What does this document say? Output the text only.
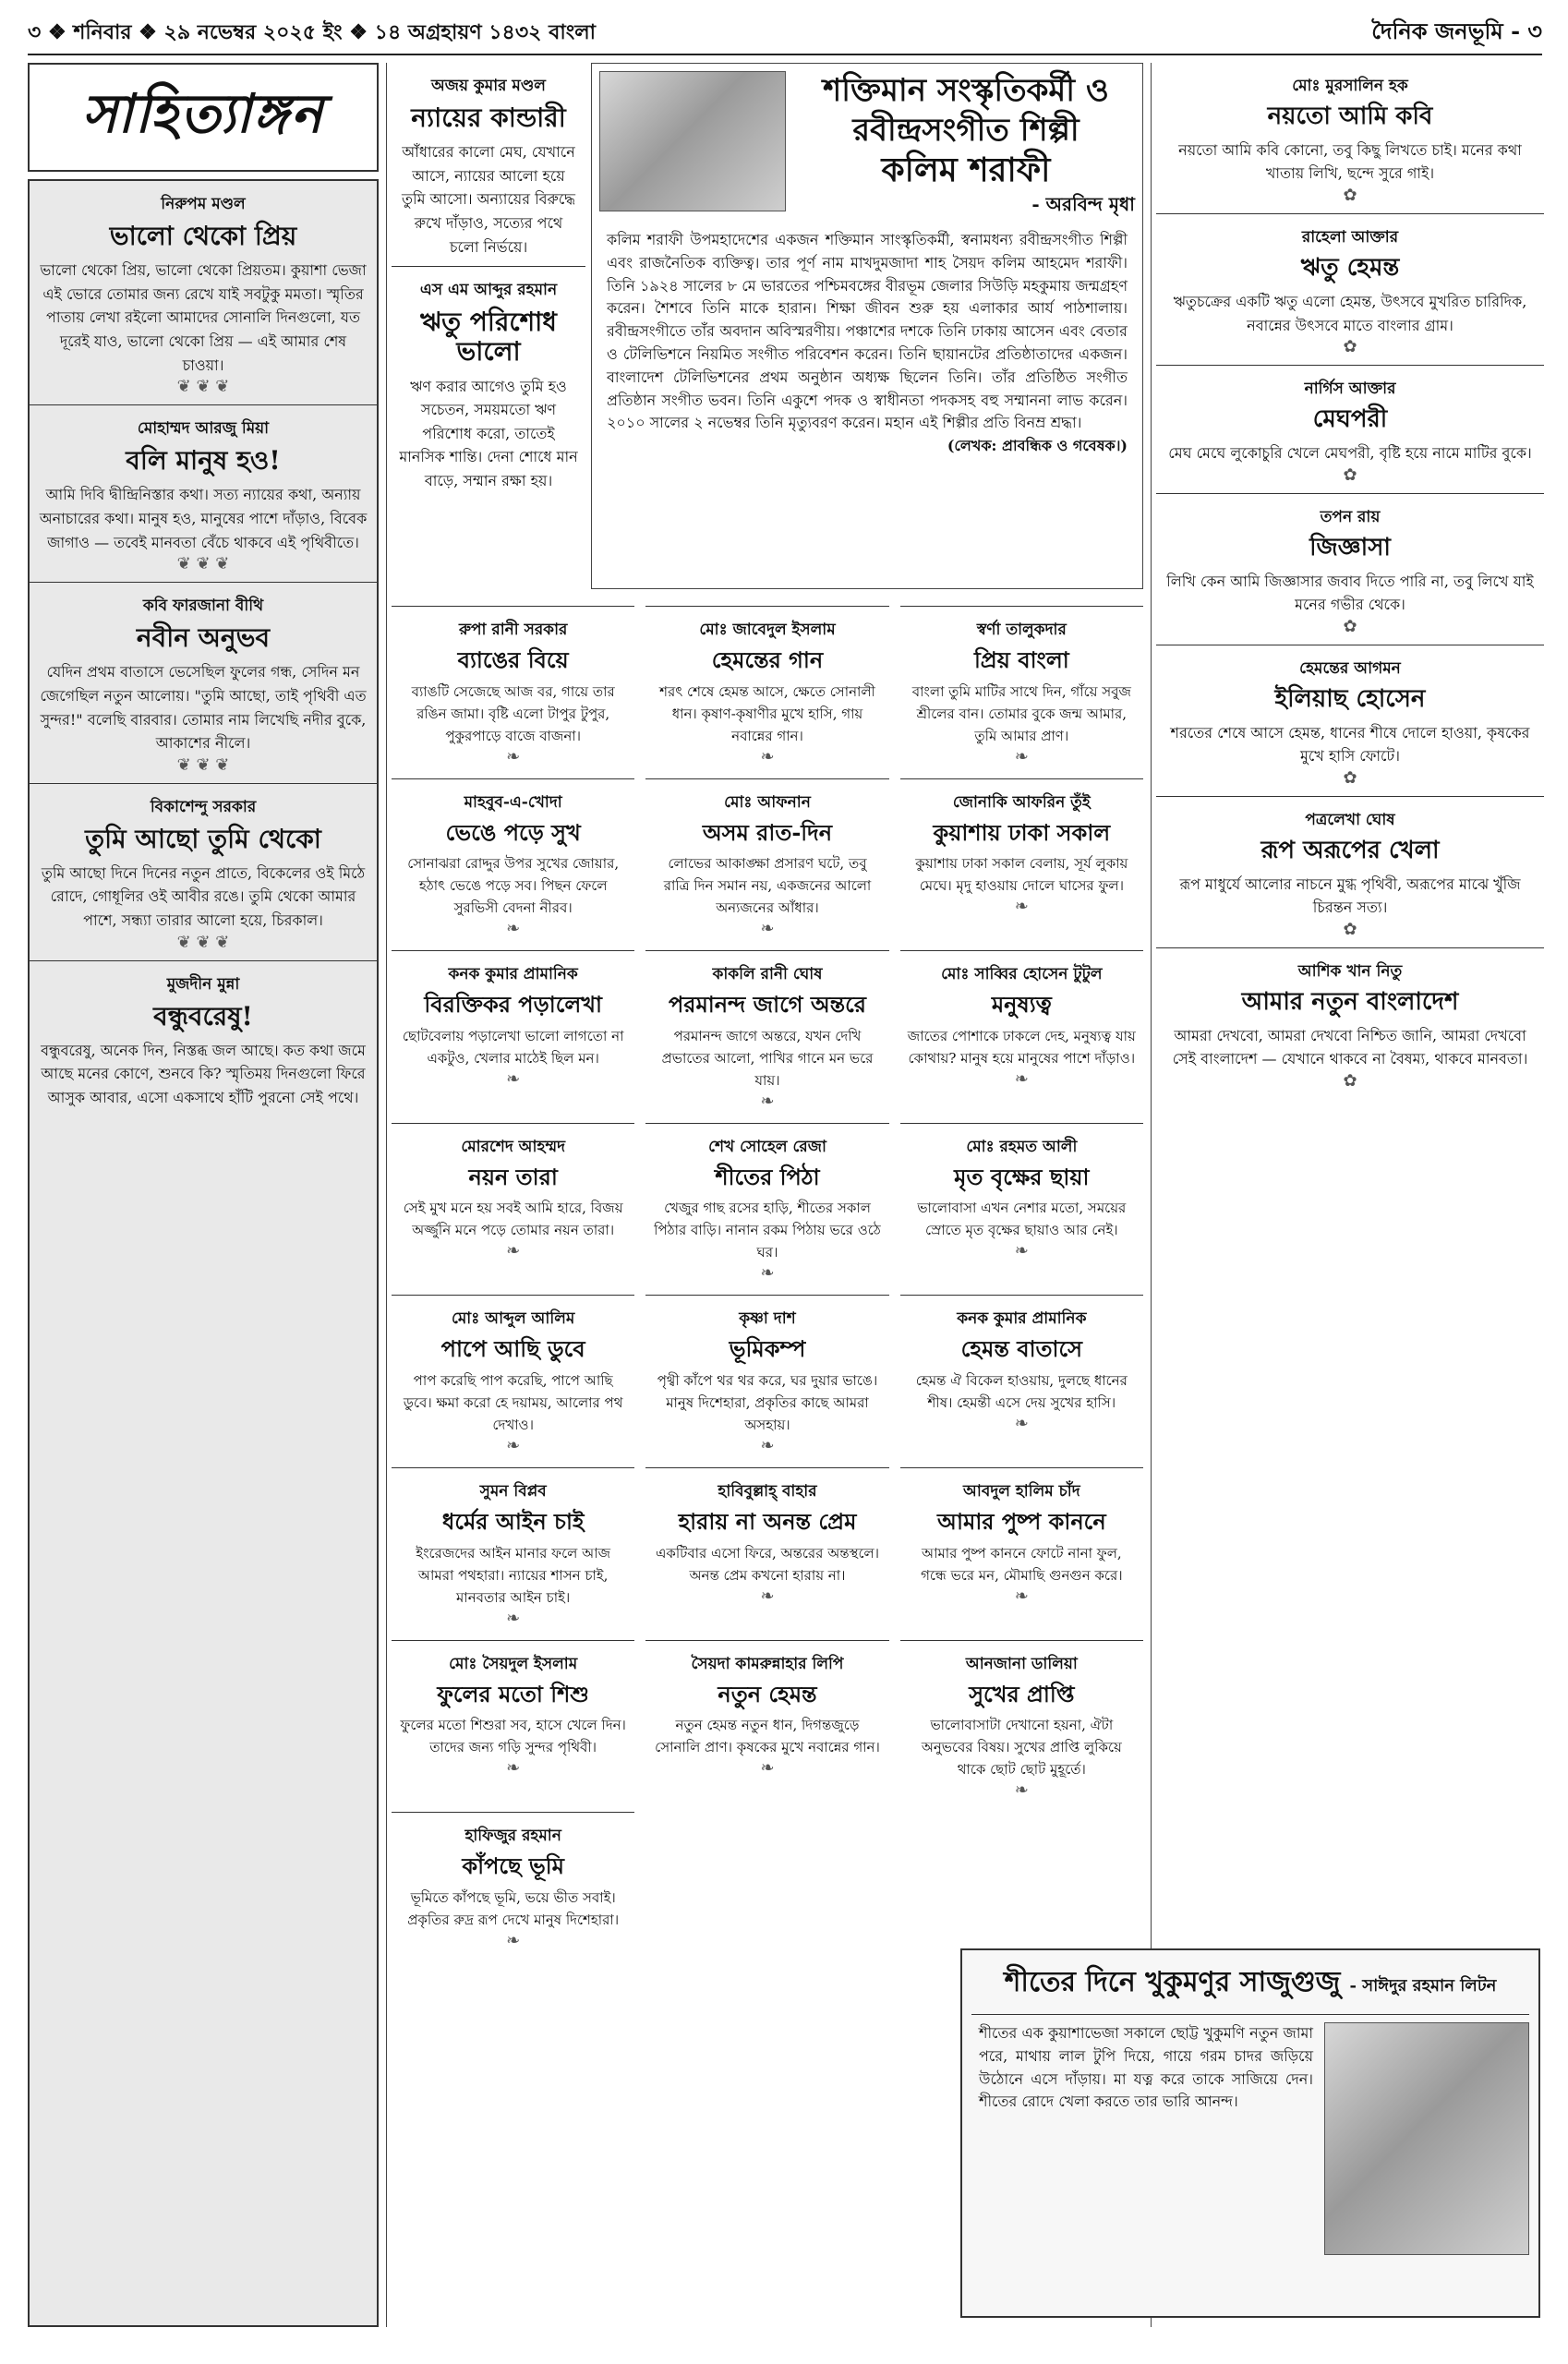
৩ ❖ শনিবার ❖ ২৯ নভেম্বর ২০২৫ ইং ❖ ১৪ অগ্রহায়ণ ১৪৩২ বাংলা	দৈনিক জনভূমি - ৩
সাহিত্যাঙ্গন
নিরুপম মণ্ডল
ভালো থেকো প্রিয়
ভালো থেকো প্রিয়, ভালো থেকো প্রিয়তম। কুয়াশা ভেজা এই ভোরে তোমার জন্য রেখে যাই সবটুকু মমতা। স্মৃতির পাতায় লেখা রইলো আমাদের সোনালি দিনগুলো, যত দূরেই যাও, ভালো থেকো প্রিয় — এই আমার শেষ চাওয়া।
❦ ❦ ❦
মোহাম্মদ আরজু মিয়া
বলি মানুষ হও!
আমি দিবি দ্বীন্দ্রিনিস্তার কথা। সত্য ন্যায়ের কথা, অন্যায় অনাচারের কথা। মানুষ হও, মানুষের পাশে দাঁড়াও, বিবেক জাগাও — তবেই মানবতা বেঁচে থাকবে এই পৃথিবীতে।
❦ ❦ ❦
কবি ফারজানা বীথি
নবীন অনুভব
যেদিন প্রথম বাতাসে ভেসেছিল ফুলের গন্ধ, সেদিন মন জেগেছিল নতুন আলোয়। "তুমি আছো, তাই পৃথিবী এত সুন্দর!" বলেছি বারবার। তোমার নাম লিখেছি নদীর বুকে, আকাশের নীলে।
❦ ❦ ❦
বিকাশেন্দু সরকার
তুমি আছো তুমি থেকো
তুমি আছো দিনে দিনের নতুন প্রাতে, বিকেলের ওই মিঠে রোদে, গোধূলির ওই আবীর রঙে। তুমি থেকো আমার পাশে, সন্ধ্যা তারার আলো হয়ে, চিরকাল।
❦ ❦ ❦
মুজদীন মুন্না
বন্ধুবরেষু!
বন্ধুবরেষু, অনেক দিন, নিস্তব্ধ জল আছে। কত কথা জমে আছে মনের কোণে, শুনবে কি? স্মৃতিময় দিনগুলো ফিরে আসুক আবার, এসো একসাথে হাঁটি পুরনো সেই পথে।
অজয় কুমার মণ্ডল
ন্যায়ের কান্ডারী
আঁধারের কালো মেঘ, যেখানে আসে, ন্যায়ের আলো হয়ে তুমি আসো। অন্যায়ের বিরুদ্ধে রুখে দাঁড়াও, সত্যের পথে চলো নির্ভয়ে।
এস এম আব্দুর রহমান
ঋতু পরিশোধ ভালো
ঋণ করার আগেও তুমি হও সচেতন, সময়মতো ঋণ পরিশোধ করো, তাতেই মানসিক শান্তি। দেনা শোধে মান বাড়ে, সম্মান রক্ষা হয়।
শক্তিমান সংস্কৃতিকর্মী ও
রবীন্দ্রসংগীত শিল্পী
কলিম শরাফী
- অরবিন্দ মৃধা
কলিম শরাফী উপমহাদেশের একজন শক্তিমান সাংস্কৃতিকর্মী, স্বনামধন্য রবীন্দ্রসংগীত শিল্পী এবং রাজনৈতিক ব্যক্তিত্ব। তার পূর্ণ নাম মাখদুমজাদা শাহ সৈয়দ কলিম আহমেদ শরাফী। তিনি ১৯২৪ সালের ৮ মে ভারতের পশ্চিমবঙ্গের বীরভূম জেলার সিউড়ি মহকুমায় জন্মগ্রহণ করেন। শৈশবে তিনি মাকে হারান। শিক্ষা জীবন শুরু হয় এলাকার আর্য পাঠশালায়। রবীন্দ্রসংগীতে তাঁর অবদান অবিস্মরণীয়। পঞ্চাশের দশকে তিনি ঢাকায় আসেন এবং বেতার ও টেলিভিশনে নিয়মিত সংগীত পরিবেশন করেন। তিনি ছায়ানটের প্রতিষ্ঠাতাদের একজন। বাংলাদেশ টেলিভিশনের প্রথম অনুষ্ঠান অধ্যক্ষ ছিলেন তিনি। তাঁর প্রতিষ্ঠিত সংগীত প্রতিষ্ঠান সংগীত ভবন। তিনি একুশে পদক ও স্বাধীনতা পদকসহ বহু সম্মাননা লাভ করেন। ২০১০ সালের ২ নভেম্বর তিনি মৃত্যুবরণ করেন। মহান এই শিল্পীর প্রতি বিনম্র শ্রদ্ধা।
(লেখক: প্রাবন্ধিক ও গবেষক।)
রুপা রানী সরকার
ব্যাঙের বিয়ে
ব্যাঙটি সেজেছে আজ বর, গায়ে তার রঙিন জামা। বৃষ্টি এলো টাপুর টুপুর, পুকুরপাড়ে বাজে বাজনা।
❧
মোঃ জাবেদুল ইসলাম
হেমন্তের গান
শরৎ শেষে হেমন্ত আসে, ক্ষেতে সোনালী ধান। কৃষাণ-কৃষাণীর মুখে হাসি, গায় নবান্নের গান।
❧
স্বর্ণা তালুকদার
প্রিয় বাংলা
বাংলা তুমি মাটির সাথে দিন, গাঁয়ে সবুজ শ্রীলের বান। তোমার বুকে জন্ম আমার, তুমি আমার প্রাণ।
❧
মাহবুব-এ-খোদা
ভেঙে পড়ে সুখ
সোনাঝরা রোদ্দুর উপর সুখের জোয়ার, হঠাৎ ভেঙে পড়ে সব। পিছন ফেলে সুরভিসী বেদনা নীরব।
❧
মোঃ আফনান
অসম রাত-দিন
লোভের আকাঙ্ক্ষা প্রসারণ ঘটে, তবু রাত্রি দিন সমান নয়, একজনের আলো অন্যজনের আঁধার।
❧
জোনাকি আফরিন তুঁই
কুয়াশায় ঢাকা সকাল
কুয়াশায় ঢাকা সকাল বেলায়, সূর্য লুকায় মেঘে। মৃদু হাওয়ায় দোলে ঘাসের ফুল।
❧
কনক কুমার প্রামানিক
বিরক্তিকর পড়ালেখা
ছোটবেলায় পড়ালেখা ভালো লাগতো না একটুও, খেলার মাঠেই ছিল মন।
❧
কাকলি রানী ঘোষ
পরমানন্দ জাগে অন্তরে
পরমানন্দ জাগে অন্তরে, যখন দেখি প্রভাতের আলো, পাখির গানে মন ভরে যায়।
❧
মোঃ সাব্বির হোসেন টুটুল
মনুষ্যত্ব
জাতের পোশাকে ঢাকলে দেহ, মনুষ্যত্ব যায় কোথায়? মানুষ হয়ে মানুষের পাশে দাঁড়াও।
❧
মোরশেদ আহম্মদ
নয়ন তারা
সেই মুখ মনে হয় সবই আমি হারে, বিজয় অর্জ্জুনি মনে পড়ে তোমার নয়ন তারা।
❧
শেখ সোহেল রেজা
শীতের পিঠা
খেজুর গাছ রসের হাড়ি, শীতের সকাল পিঠার বাড়ি। নানান রকম পিঠায় ভরে ওঠে ঘর।
❧
মোঃ রহমত আলী
মৃত বৃক্ষের ছায়া
ভালোবাসা এখন নেশার মতো, সময়ের স্রোতে মৃত বৃক্ষের ছায়াও আর নেই।
❧
মোঃ আব্দুল আলিম
পাপে আছি ডুবে
পাপ করেছি পাপ করেছি, পাপে আছি ডুবে। ক্ষমা করো হে দয়াময়, আলোর পথ দেখাও।
❧
কৃষ্ণা দাশ
ভূমিকম্প
পৃথ্বী কাঁপে থর থর করে, ঘর দুয়ার ভাঙে। মানুষ দিশেহারা, প্রকৃতির কাছে আমরা অসহায়।
❧
কনক কুমার প্রামানিক
হেমন্ত বাতাসে
হেমন্ত ঐ বিকেল হাওয়ায়, দুলছে ধানের শীষ। হেমন্তী এসে দেয় সুখের হাসি।
❧
সুমন বিপ্লব
ধর্মের আইন চাই
ইংরেজদের আইন মানার ফলে আজ আমরা পথহারা। ন্যায়ের শাসন চাই, মানবতার আইন চাই।
❧
হাবিবুল্লাহ্ বাহার
হারায় না অনন্ত প্রেম
একটিবার এসো ফিরে, অন্তরের অন্তস্থলে। অনন্ত প্রেম কখনো হারায় না।
❧
আবদুল হালিম চাঁদ
আমার পুষ্প কাননে
আমার পুষ্প কাননে ফোটে নানা ফুল, গন্ধে ভরে মন, মৌমাছি গুনগুন করে।
❧
মোঃ সৈয়দুল ইসলাম
ফুলের মতো শিশু
ফুলের মতো শিশুরা সব, হাসে খেলে দিন। তাদের জন্য গড়ি সুন্দর পৃথিবী।
❧
সৈয়দা কামরুন্নাহার লিপি
নতুন হেমন্ত
নতুন হেমন্ত নতুন ধান, দিগন্তজুড়ে সোনালি প্রাণ। কৃষকের মুখে নবান্নের গান।
❧
আনজানা ডালিয়া
সুখের প্রাপ্তি
ভালোবাসাটা দেখানো হয়না, ঐটা অনুভবের বিষয়। সুখের প্রাপ্তি লুকিয়ে থাকে ছোট ছোট মুহূর্তে।
❧
হাফিজুর রহমান
কাঁপছে ভূমি
ভূমিতে কাঁপছে ভূমি, ভয়ে ভীত সবাই। প্রকৃতির রুদ্র রূপ দেখে মানুষ দিশেহারা।
❧
মোঃ মুরসালিন হক
নয়তো আমি কবি
নয়তো আমি কবি কোনো, তবু কিছু লিখতে চাই। মনের কথা খাতায় লিখি, ছন্দে সুরে গাই।
✿
রাহেলা আক্তার
ঋতু হেমন্ত
ঋতুচক্রের একটি ঋতু এলো হেমন্ত, উৎসবে মুখরিত চারিদিক, নবান্নের উৎসবে মাতে বাংলার গ্রাম।
✿
নার্গিস আক্তার
মেঘপরী
মেঘ মেঘে লুকোচুরি খেলে মেঘপরী, বৃষ্টি হয়ে নামে মাটির বুকে।
✿
তপন রায়
জিজ্ঞাসা
লিখি কেন আমি জিজ্ঞাসার জবাব দিতে পারি না, তবু লিখে যাই মনের গভীর থেকে।
✿
হেমন্তের আগমন
ইলিয়াছ হোসেন
শরতের শেষে আসে হেমন্ত, ধানের শীষে দোলে হাওয়া, কৃষকের মুখে হাসি ফোটে।
✿
পত্রলেখা ঘোষ
রূপ অরূপের খেলা
রূপ মাধুর্যে আলোর নাচনে মুগ্ধ পৃথিবী, অরূপের মাঝে খুঁজি চিরন্তন সত্য।
✿
আশিক খান নিতু
আমার নতুন বাংলাদেশ
আমরা দেখবো, আমরা দেখবো নিশ্চিত জানি, আমরা দেখবো সেই বাংলাদেশ — যেখানে থাকবে না বৈষম্য, থাকবে মানবতা।
✿
শীতের দিনে খুকুমণুর সাজুগুজু - সাঈদুর রহমান লিটন
শীতের এক কুয়াশাভেজা সকালে ছোট্ট খুকুমণি নতুন জামা পরে, মাথায় লাল টুপি দিয়ে, গায়ে গরম চাদর জড়িয়ে উঠোনে এসে দাঁড়ায়। মা যত্ন করে তাকে সাজিয়ে দেন। শীতের রোদে খেলা করতে তার ভারি আনন্দ।
